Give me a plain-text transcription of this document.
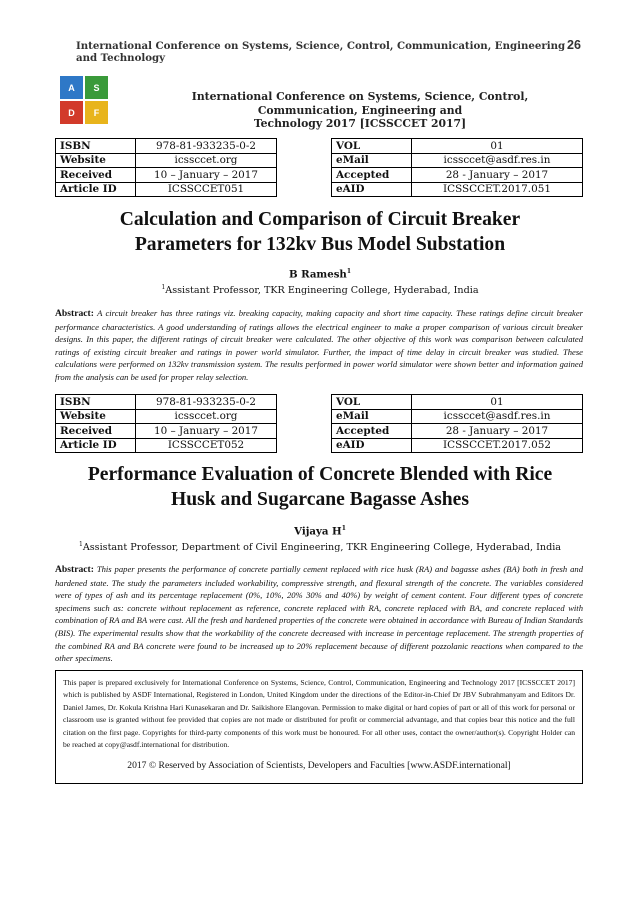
International Conference on Systems, Science, Control, Communication, Engineering and Technology
26
A	S
D	F
International Conference on Systems, Science, Control, Communication, Engineering and
Technology 2017 [ICSSCCET 2017]
ISBN	978-81-933235-0-2
Website	icssccet.org
Received	10 – January – 2017
Article ID	ICSSCCET051
VOL	01
eMail	icssccet@asdf.res.in
Accepted	28 - January – 2017
eAID	ICSSCCET.2017.051
Calculation and Comparison of Circuit Breaker
Parameters for 132kv Bus Model Substation
B Ramesh$^1$
$^1$Assistant Professor, TKR Engineering College, Hyderabad, India
Abstract: A circuit breaker has three ratings viz. breaking capacity, making capacity and short time capacity. These ratings define circuit breaker performance characteristics. A good understanding of ratings allows the electrical engineer to make a proper comparison of various circuit breaker designs. In this paper, the different ratings of circuit breaker were calculated. The other objective of this work was comparison between calculated ratings of existing circuit breaker and ratings in power world simulator. Further, the impact of time delay in circuit breaker was studied. These calculations were performed on 132kv transmission system. The results performed in power world simulator were shown better and information gained from the analysis can be used for proper relay selection.
ISBN	978-81-933235-0-2
Website	icssccet.org
Received	10 – January – 2017
Article ID	ICSSCCET052
VOL	01
eMail	icssccet@asdf.res.in
Accepted	28 - January – 2017
eAID	ICSSCCET.2017.052
Performance Evaluation of Concrete Blended with Rice
Husk and Sugarcane Bagasse Ashes
Vijaya $H^1$
$^1$Assistant Professor, Department of Civil Engineering, TKR Engineering College, Hyderabad, India
Abstract: This paper presents the performance of concrete partially cement replaced with rice husk (RA) and bagasse ashes (BA) both in fresh and hardened state. The study the parameters included workability, compressive strength, and flexural strength of the concrete. The variables considered were of types of ash and its percentage replacement (0%, 10%, 20% 30% and 40%) by weight of cement content. Four different types of concrete specimens such as: concrete without replacement as reference, concrete replaced with RA, concrete replaced with BA, and concrete replaced with combination of RA and BA were cast. All the fresh and hardened properties of the concrete were obtained in accordance with Bureau of Indian Standards (BIS). The experimental results show that the workability of the concrete decreased with increase in percentage replacement. The strength properties of the combined RA and BA concrete were found to be increased up to 20% replacement because of different pozzolanic reactions when compared to the other specimens.
This paper is prepared exclusively for International Conference on Systems, Science, Control, Communication, Engineering and Technology 2017 [ICSSCCET 2017] which is published by ASDF International, Registered in London, United Kingdom under the directions of the Editor-in-Chief Dr JBV Subrahmanyam and Editors Dr. Daniel James, Dr. Kokula Krishna Hari Kunasekaran and Dr. Saikishore Elangovan. Permission to make digital or hard copies of part or all of this work for personal or classroom use is granted without fee provided that copies are not made or distributed for profit or commercial advantage, and that copies bear this notice and the full citation on the first page. Copyrights for third-party components of this work must be honoured. For all other uses, contact the owner/author(s). Copyright Holder can be reached at copy@asdf.international for distribution.
2017 © Reserved by Association of Scientists, Developers and Faculties [www.ASDF.international]
